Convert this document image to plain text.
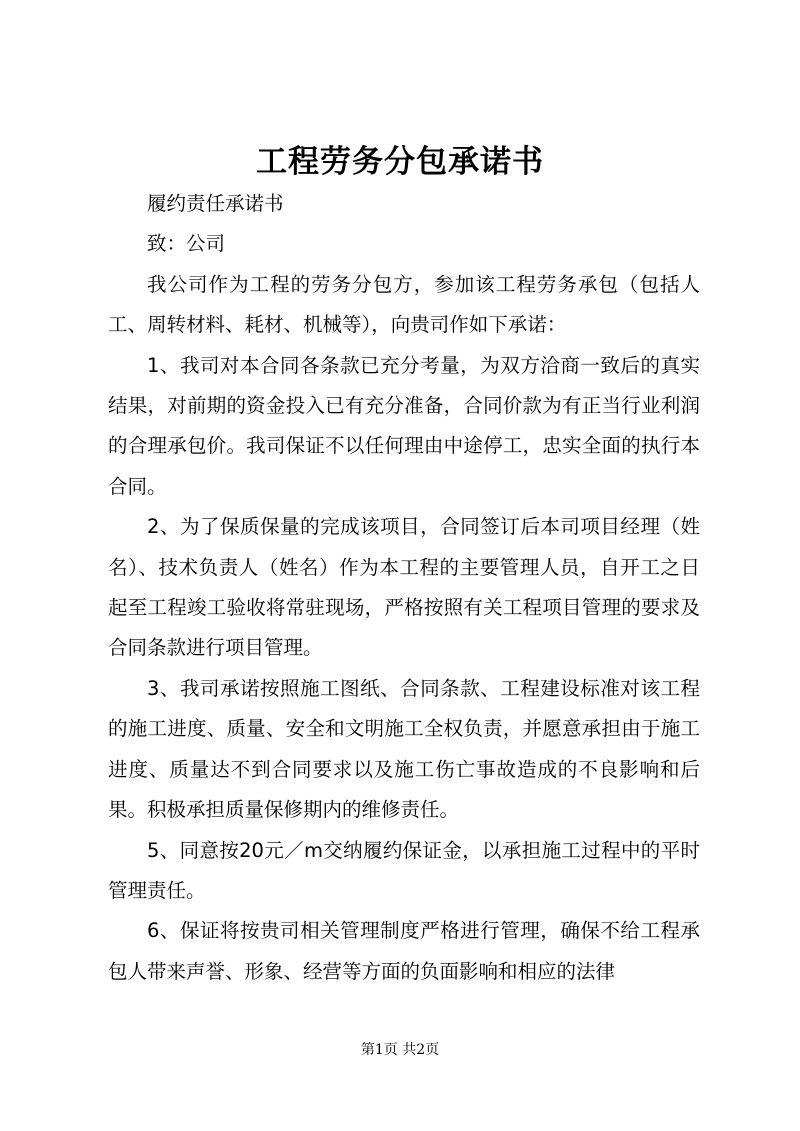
工程劳务分包承诺书

履约责任承诺书

致：公司

我公司作为工程的劳务分包方，参加该工程劳务承包（包括人工、周转材料、耗材、机械等），向贵司作如下承诺：

1、我司对本合同各条款已充分考量，为双方洽商一致后的真实结果，对前期的资金投入已有充分准备，合同价款为有正当行业利润的合理承包价。我司保证不以任何理由中途停工，忠实全面的执行本合同。

2、为了保质保量的完成该项目，合同签订后本司项目经理（姓名）、技术负责人（姓名）作为本工程的主要管理人员，自开工之日起至工程竣工验收将常驻现场，严格按照有关工程项目管理的要求及合同条款进行项目管理。

3、我司承诺按照施工图纸、合同条款、工程建设标准对该工程的施工进度、质量、安全和文明施工全权负责，并愿意承担由于施工进度、质量达不到合同要求以及施工伤亡事故造成的不良影响和后果。积极承担质量保修期内的维修责任。

5、同意按20元／m交纳履约保证金，以承担施工过程中的平时管理责任。

6、保证将按贵司相关管理制度严格进行管理，确保不给工程承包人带来声誉、形象、经营等方面的负面影响和相应的法律

第1页 共2页
